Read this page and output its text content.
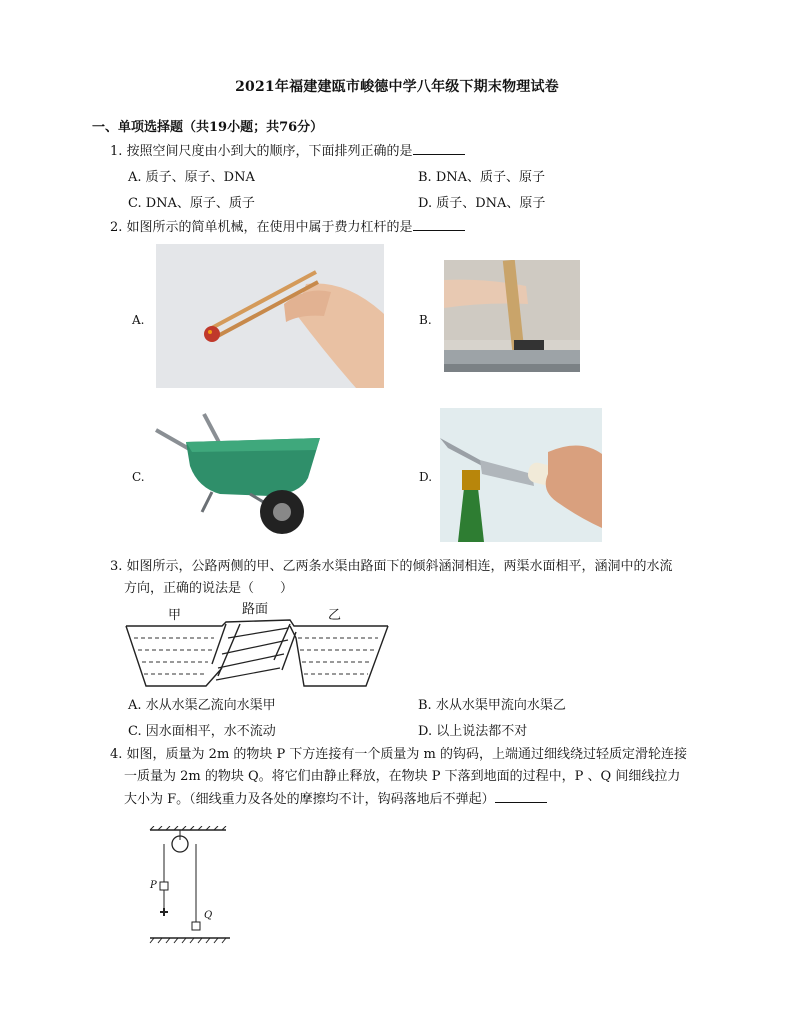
2021年福建建瓯市峻德中学八年级下期末物理试卷
一、单项选择题（共19小题；共76分）
1. 按照空间尺度由小到大的顺序，下面排列正确的是
A. 质子、原子、DNA	B. DNA、质子、原子
C. DNA、原子、质子	D. 质子、DNA、原子
2. 如图所示的简单机械，在使用中属于费力杠杆的是
A.	B.
C.	D.
3. 如图所示，公路两侧的甲、乙两条水渠由路面下的倾斜涵洞相连，两渠水面相平，涵洞中的水流
方向，正确的说法是（　　）
甲	路面	乙
A. 水从水渠乙流向水渠甲	B. 水从水渠甲流向水渠乙
C. 因水面相平，水不流动	D. 以上说法都不对
4. 如图，质量为 2m 的物块 P 下方连接有一个质量为 m 的钩码，上端通过细线绕过轻质定滑轮连接
一质量为 2m 的物块 Q。将它们由静止释放，在物块 P 下落到地面的过程中，P 、Q 间细线拉力
大小为 F。（细线重力及各处的摩擦均不计，钩码落地后不弹起）
P
Q
